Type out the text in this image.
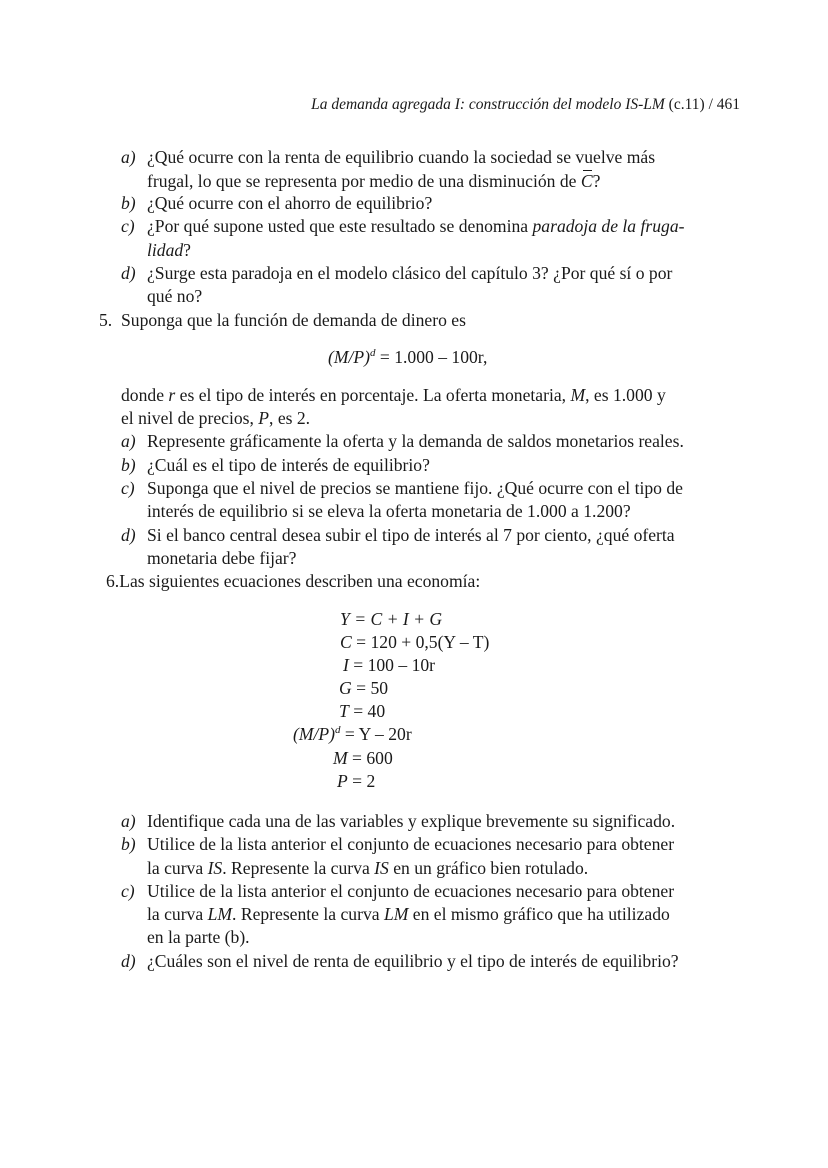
La demanda agregada I: construcción del modelo IS-LM (c.11) / 461
a) ¿Qué ocurre con la renta de equilibrio cuando la sociedad se vuelve más
frugal, lo que se representa por medio de una disminución de C?
b) ¿Qué ocurre con el ahorro de equilibrio?
c) ¿Por qué supone usted que este resultado se denomina paradoja de la fruga-
lidad?
d) ¿Surge esta paradoja en el modelo clásico del capítulo 3? ¿Por qué sí o por
qué no?
5. Suponga que la función de demanda de dinero es
$(M/P)^d = 1.000 - 100r$,
donde r es el tipo de interés en porcentaje. La oferta monetaria, M, es 1.000 y
el nivel de precios, P, es 2.
a) Represente gráficamente la oferta y la demanda de saldos monetarios reales.
b) ¿Cuál es el tipo de interés de equilibrio?
c) Suponga que el nivel de precios se mantiene fijo. ¿Qué ocurre con el tipo de
interés de equilibrio si se eleva la oferta monetaria de 1.000 a 1.200?
d) Si el banco central desea subir el tipo de interés al 7 por ciento, ¿qué oferta
monetaria debe fijar?
6.Las siguientes ecuaciones describen una economía:
Y = C + I + G
C = 120 + 0,5(Y – T)
I = 100 – 10r
G = 50
T = 40
$(M/P)^d = Y - 20r$
M = 600
P = 2
a) Identifique cada una de las variables y explique brevemente su significado.
b) Utilice de la lista anterior el conjunto de ecuaciones necesario para obtener
la curva IS. Represente la curva IS en un gráfico bien rotulado.
c) Utilice de la lista anterior el conjunto de ecuaciones necesario para obtener
la curva LM. Represente la curva LM en el mismo gráfico que ha utilizado
en la parte (b).
d) ¿Cuáles son el nivel de renta de equilibrio y el tipo de interés de equilibrio?
